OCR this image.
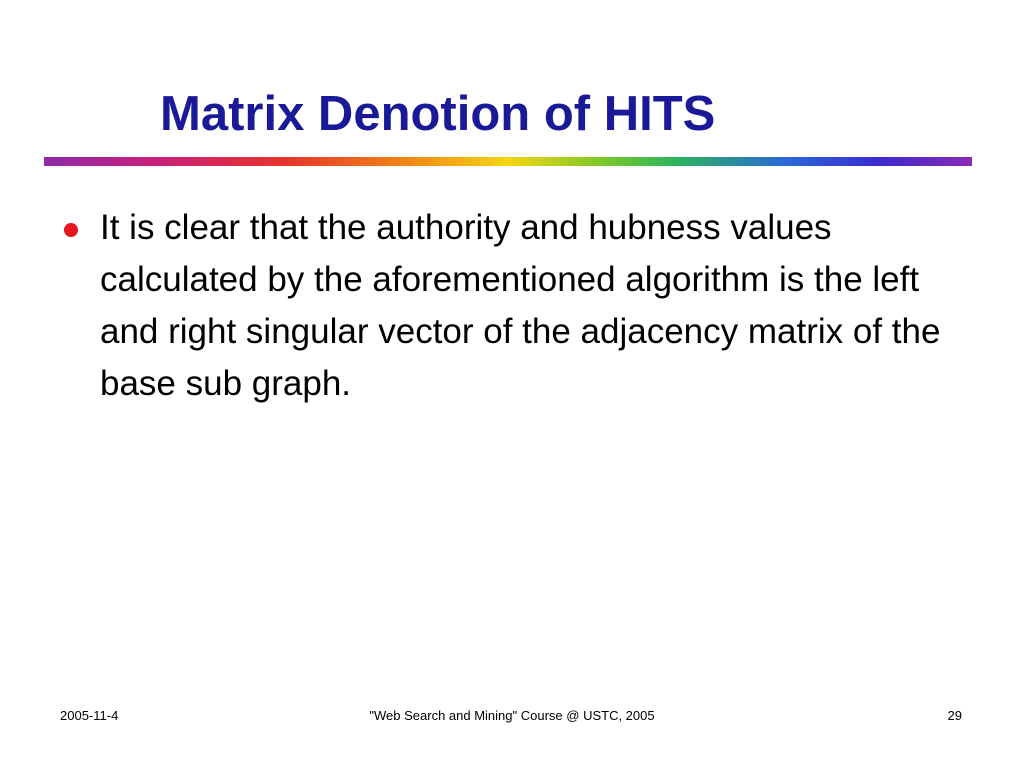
Matrix Denotion of HITS
It is clear that the authority and hubness values calculated by the aforementioned algorithm is the left and right singular vector of the adjacency matrix of the base sub graph.
2005-11-4	"Web Search and Mining" Course @ USTC, 2005	29
